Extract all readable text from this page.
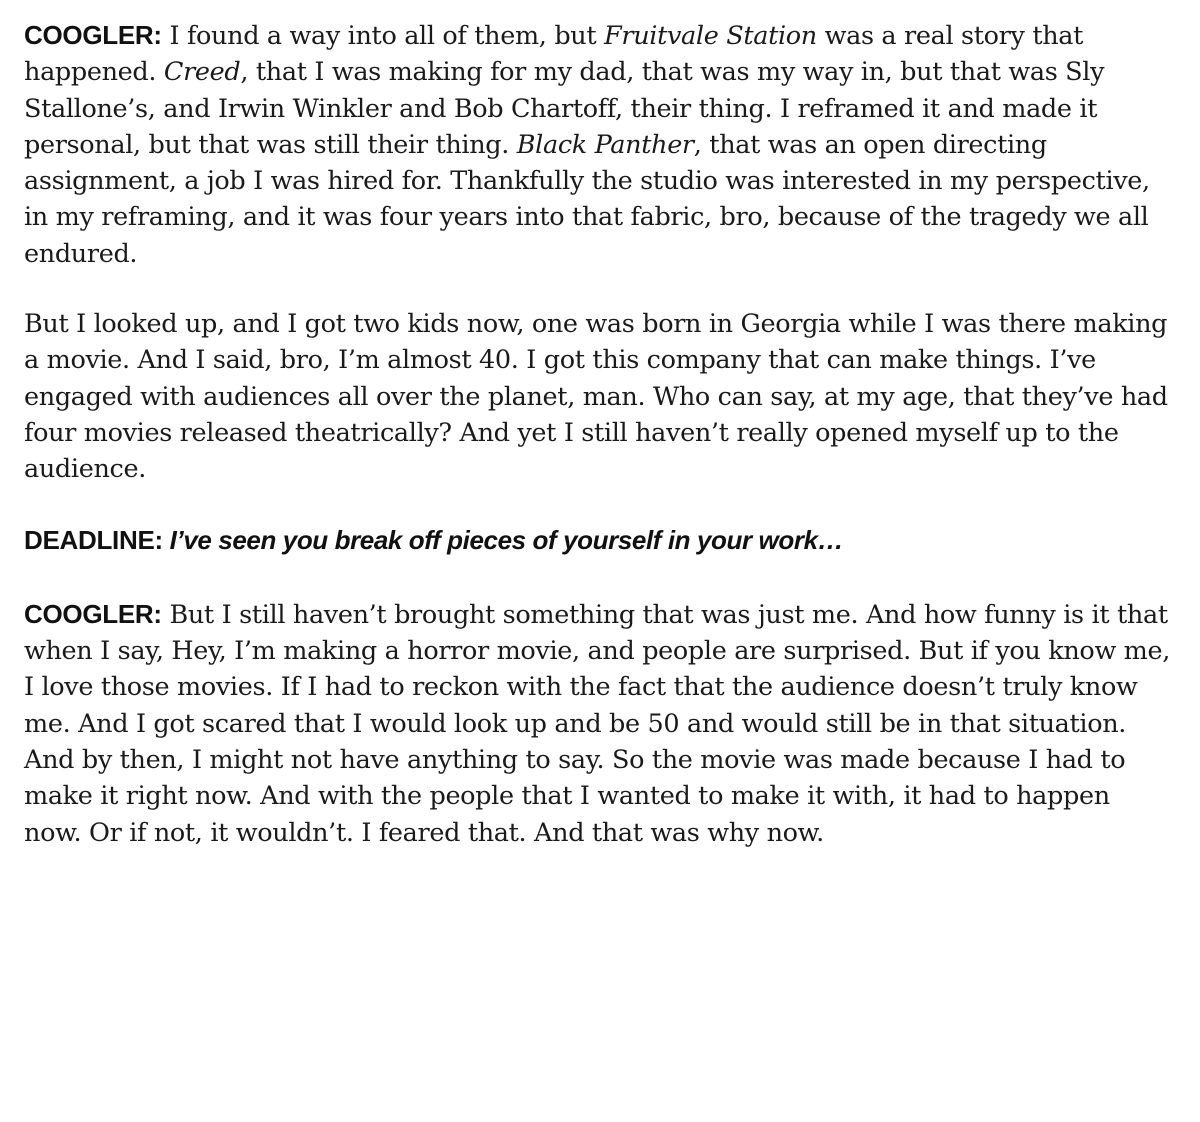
COOGLER: I found a way into all of them, but Fruitvale Station was a real story that happened. Creed, that I was making for my dad, that was my way in, but that was Sly Stallone’s, and Irwin Winkler and Bob Chartoff, their thing. I reframed it and made it personal, but that was still their thing. Black Panther, that was an open directing assignment, a job I was hired for. Thankfully the studio was interested in my perspective, in my reframing, and it was four years into that fabric, bro, because of the tragedy we all endured.

But I looked up, and I got two kids now, one was born in Georgia while I was there making a movie. And I said, bro, I’m almost 40. I got this company that can make things. I’ve engaged with audiences all over the planet, man. Who can say, at my age, that they’ve had four movies released theatrically? And yet I still haven’t really opened myself up to the audience.

DEADLINE: I’ve seen you break off pieces of yourself in your work…

COOGLER: But I still haven’t brought something that was just me. And how funny is it that when I say, Hey, I’m making a horror movie, and people are surprised. But if you know me, I love those movies. If I had to reckon with the fact that the audience doesn’t truly know me. And I got scared that I would look up and be 50 and would still be in that situation. And by then, I might not have anything to say. So the movie was made because I had to make it right now. And with the people that I wanted to make it with, it had to happen now. Or if not, it wouldn’t. I feared that. And that was why now.
